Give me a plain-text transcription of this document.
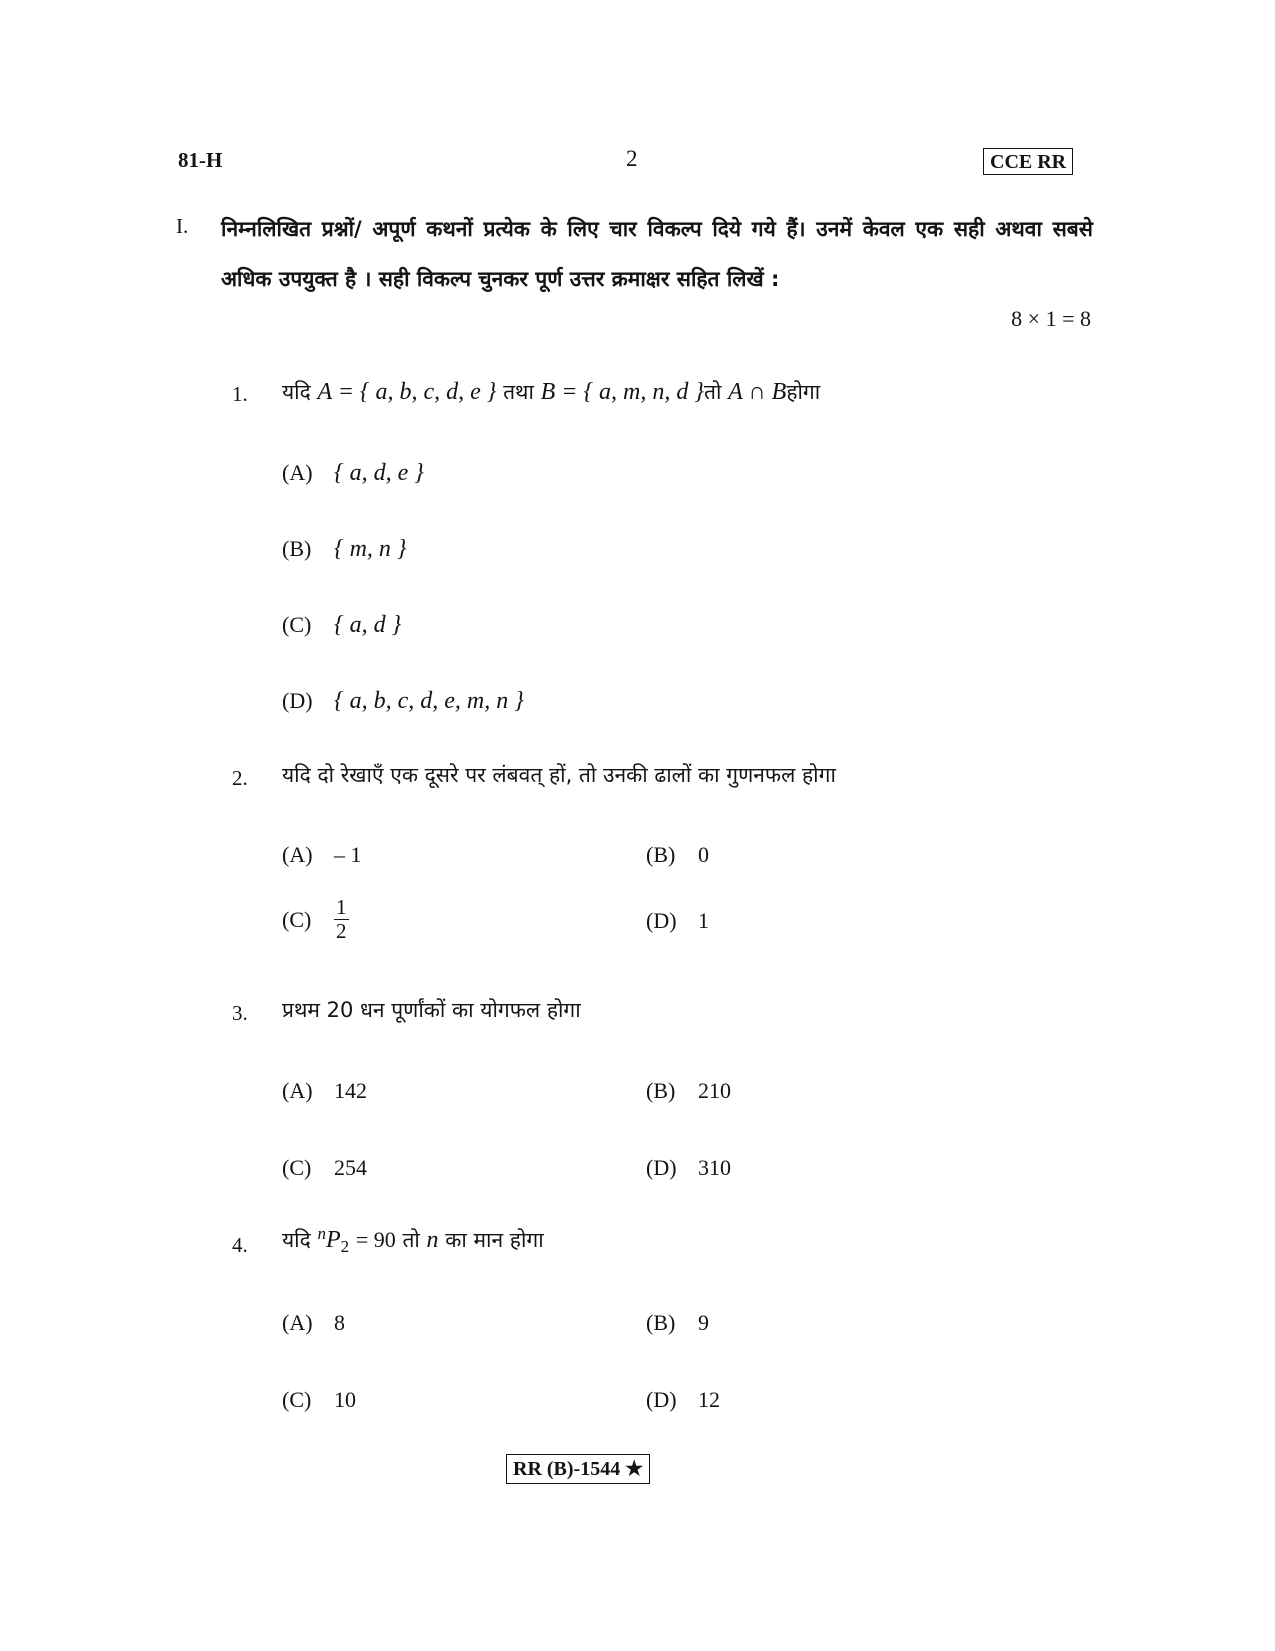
81-H	2	CCE RR
I. निम्नलिखित प्रश्नों/ अपूर्ण कथनों प्रत्येक के लिए चार विकल्प दिये गये हैं। उनमें केवल एक सही अथवा सबसे अधिक उपयुक्त है । सही विकल्प चुनकर पूर्ण उत्तर क्रमाक्षर सहित लिखें :
8 × 1 = 8
1. यदि A = { a, b, c, d, e } तथा B = { a, m, n, d }तो A ∩ Bहोगा
(A) { a, d, e }
(B) { m, n }
(C) { a, d }
(D) { a, b, c, d, e, m, n }
2. यदि दो रेखाएँ एक दूसरे पर लंबवत् हों, तो उनकी ढालों का गुणनफल होगा
(A) – 1	(B) 0
$(C) \frac{1}{2}$	(D) 1
3. प्रथम 20 धन पूर्णांकों का योगफल होगा
(A) 142	(B) 210
(C) 254	(D) 310
4. यदि $^nP_2 = 90$ तो n का मान होगा
(A) 8	(B) 9
(C) 10	(D) 12
RR (B)-1544 ★
